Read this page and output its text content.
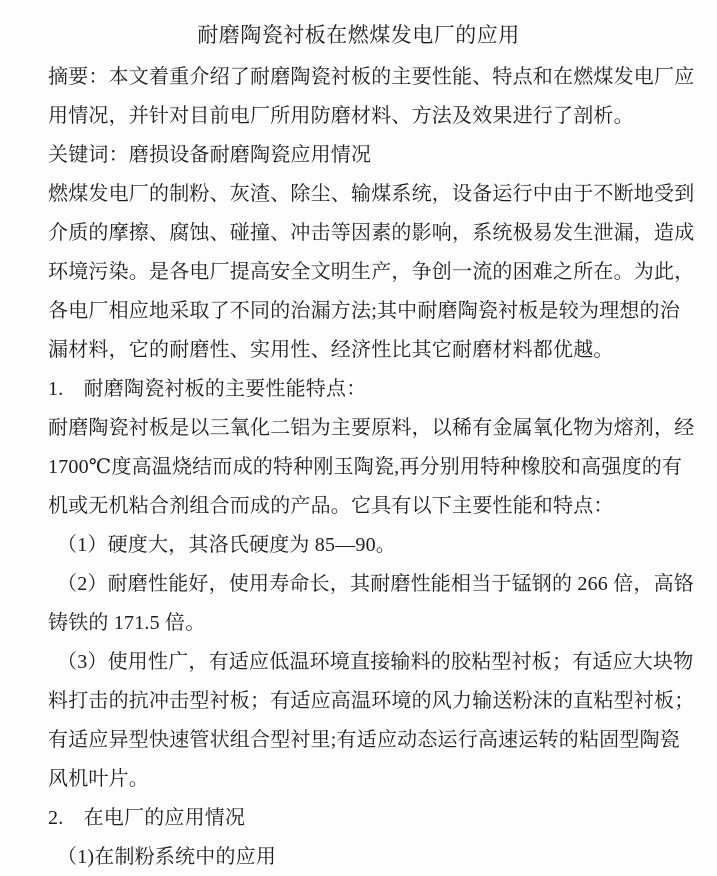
耐磨陶瓷衬板在燃煤发电厂的应用
摘要：本文着重介绍了耐磨陶瓷衬板的主要性能、特点和在燃煤发电厂应
用情况，并针对目前电厂所用防磨材料、方法及效果进行了剖析。
关键词：磨损设备耐磨陶瓷应用情况
燃煤发电厂的制粉、灰渣、除尘、输煤系统，设备运行中由于不断地受到
介质的摩擦、腐蚀、碰撞、冲击等因素的影响，系统极易发生泄漏，造成
环境污染。是各电厂提高安全文明生产，争创一流的困难之所在。为此，
各电厂相应地采取了不同的治漏方法;其中耐磨陶瓷衬板是较为理想的治
漏材料，它的耐磨性、实用性、经济性比其它耐磨材料都优越。
1.　耐磨陶瓷衬板的主要性能特点：
耐磨陶瓷衬板是以三氧化二铝为主要原料，以稀有金属氧化物为熔剂，经
1700℃度高温烧结而成的特种刚玉陶瓷,再分别用特种橡胶和高强度的有
机或无机粘合剂组合而成的产品。它具有以下主要性能和特点：
（1）硬度大，其洛氏硬度为 85—90。
（2）耐磨性能好，使用寿命长，其耐磨性能相当于锰钢的 266 倍，高铬
铸铁的 171.5 倍。
（3）使用性广，有适应低温环境直接输料的胶粘型衬板；有适应大块物
料打击的抗冲击型衬板；有适应高温环境的风力输送粉沫的直粘型衬板；
有适应异型快速管状组合型衬里;有适应动态运行高速运转的粘固型陶瓷
风机叶片。
2.　在电厂的应用情况
（1)在制粉系统中的应用
